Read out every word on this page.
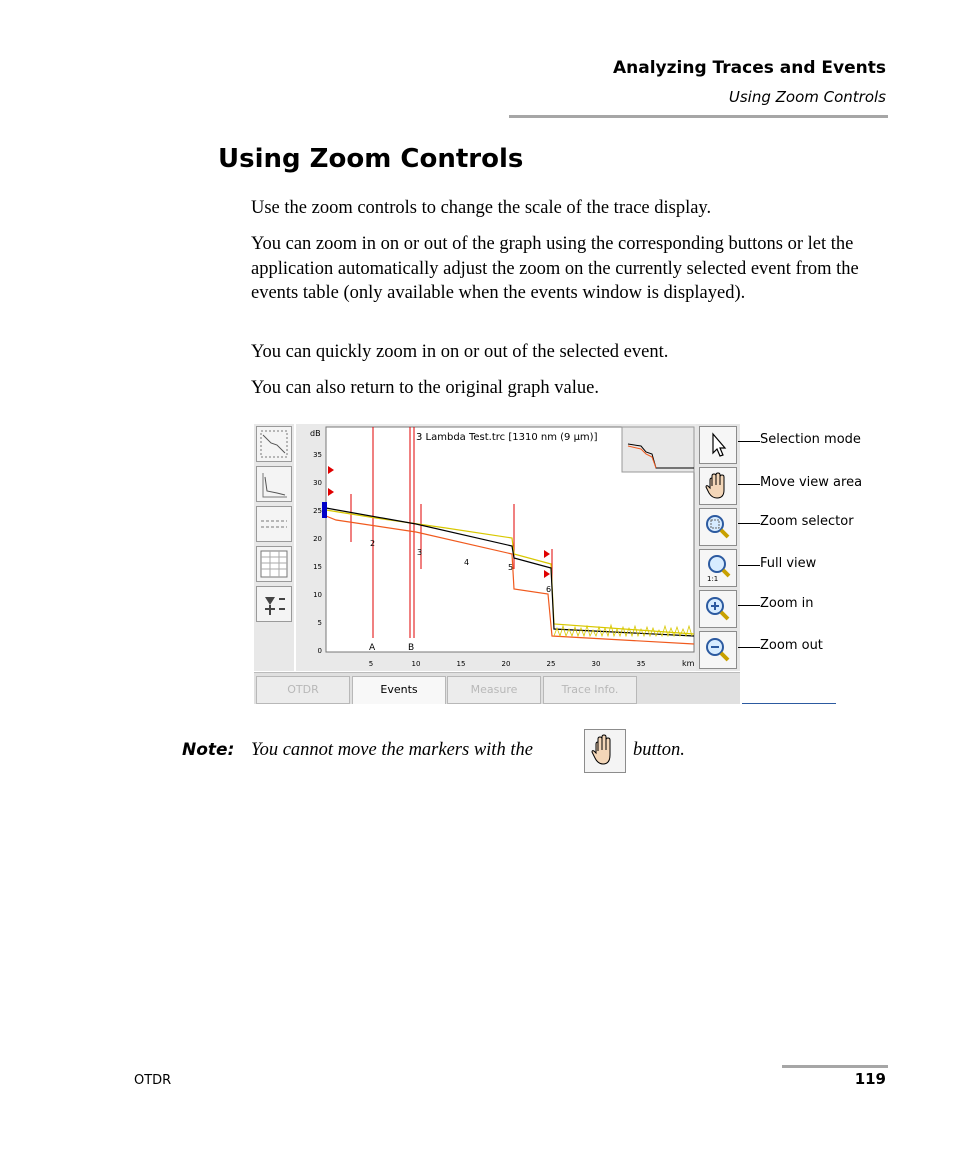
Analyzing Traces and Events
Using Zoom Controls
Using Zoom Controls

Use the zoom controls to change the scale of the trace display.

You can zoom in on or out of the graph using the corresponding buttons or let the application automatically adjust the zoom on the currently selected event from the events table (only available when the events window is displayed).

You can quickly zoom in on or out of the selected event.

You can also return to the original graph value.

35
30
25
20
15
10
5
0
5	10	15	20	25	30	35
A	B
2
3
4
5
6
3 Lambda Test.trc [1310 nm (9 µm)]
dB
km
1:1
OTDR	Events	Measure	Trace Info.
Selection mode
Move view area
Zoom selector
Full view
Zoom in
Zoom out
Note: You cannot move the markers with the	button.
OTDR	119
